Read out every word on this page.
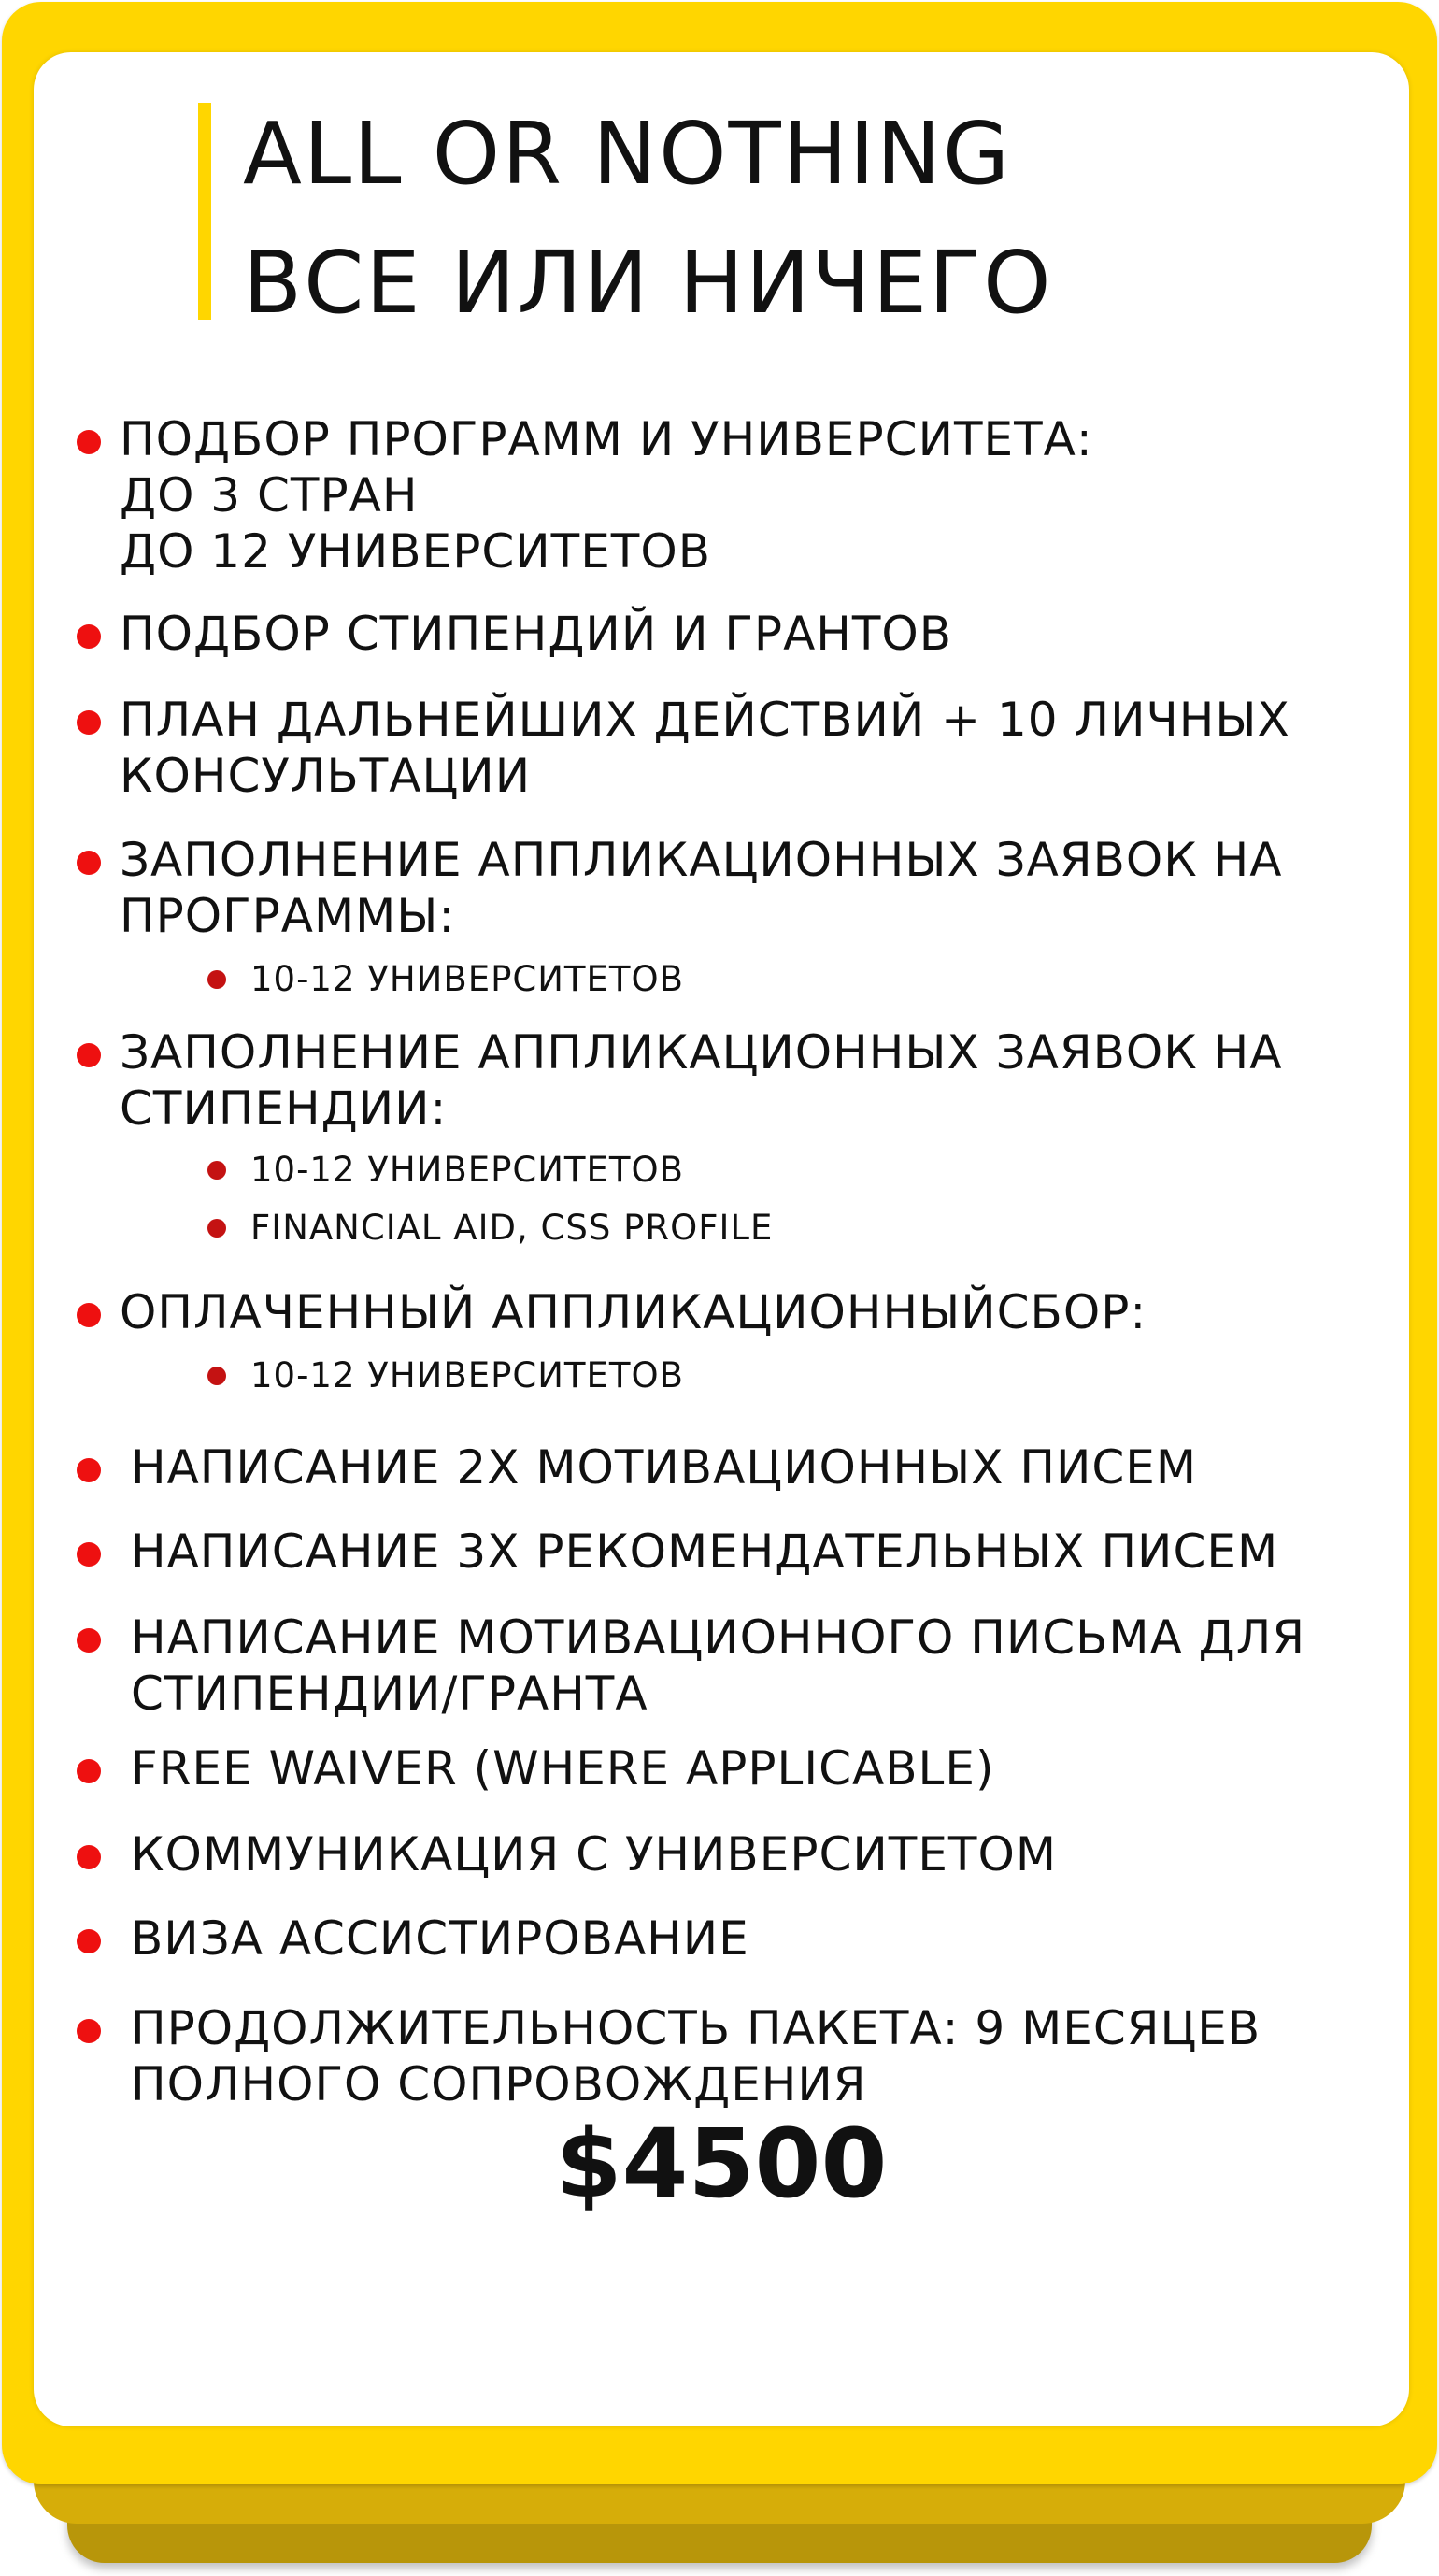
ALL OR NOTHING
ВСЕ ИЛИ НИЧЕГО
ПОДБОР ПРОГРАММ И УНИВЕРСИТЕТА:
ДО 3 СТРАН
ДО 12 УНИВЕРСИТЕТОВ
ПОДБОР СТИПЕНДИЙ И ГРАНТОВ
ПЛАН ДАЛЬНЕЙШИХ ДЕЙСТВИЙ + 10 ЛИЧНЫХ
КОНСУЛЬТАЦИИ
ЗАПОЛНЕНИЕ АППЛИКАЦИОННЫХ ЗАЯВОК НА
ПРОГРАММЫ:
10-12 УНИВЕРСИТЕТОВ
ЗАПОЛНЕНИЕ АППЛИКАЦИОННЫХ ЗАЯВОК НА
СТИПЕНДИИ:
10-12 УНИВЕРСИТЕТОВ
FINANCIAL AID, CSS PROFILE
ОПЛАЧЕННЫЙ АППЛИКАЦИОННЫЙСБОР:
10-12 УНИВЕРСИТЕТОВ
НАПИСАНИЕ 2Х МОТИВАЦИОННЫХ ПИСЕМ
НАПИСАНИЕ 3Х РЕКОМЕНДАТЕЛЬНЫХ ПИСЕМ
НАПИСАНИЕ МОТИВАЦИОННОГО ПИСЬМА ДЛЯ
СТИПЕНДИИ/ГРАНТА
FREE WAIVER (WHERE APPLICABLE)
КОММУНИКАЦИЯ С УНИВЕРСИТЕТОМ
ВИЗА АССИСТИРОВАНИЕ
ПРОДОЛЖИТЕЛЬНОСТЬ ПАКЕТА: 9 МЕСЯЦЕВ
ПОЛНОГО СОПРОВОЖДЕНИЯ
$4500
